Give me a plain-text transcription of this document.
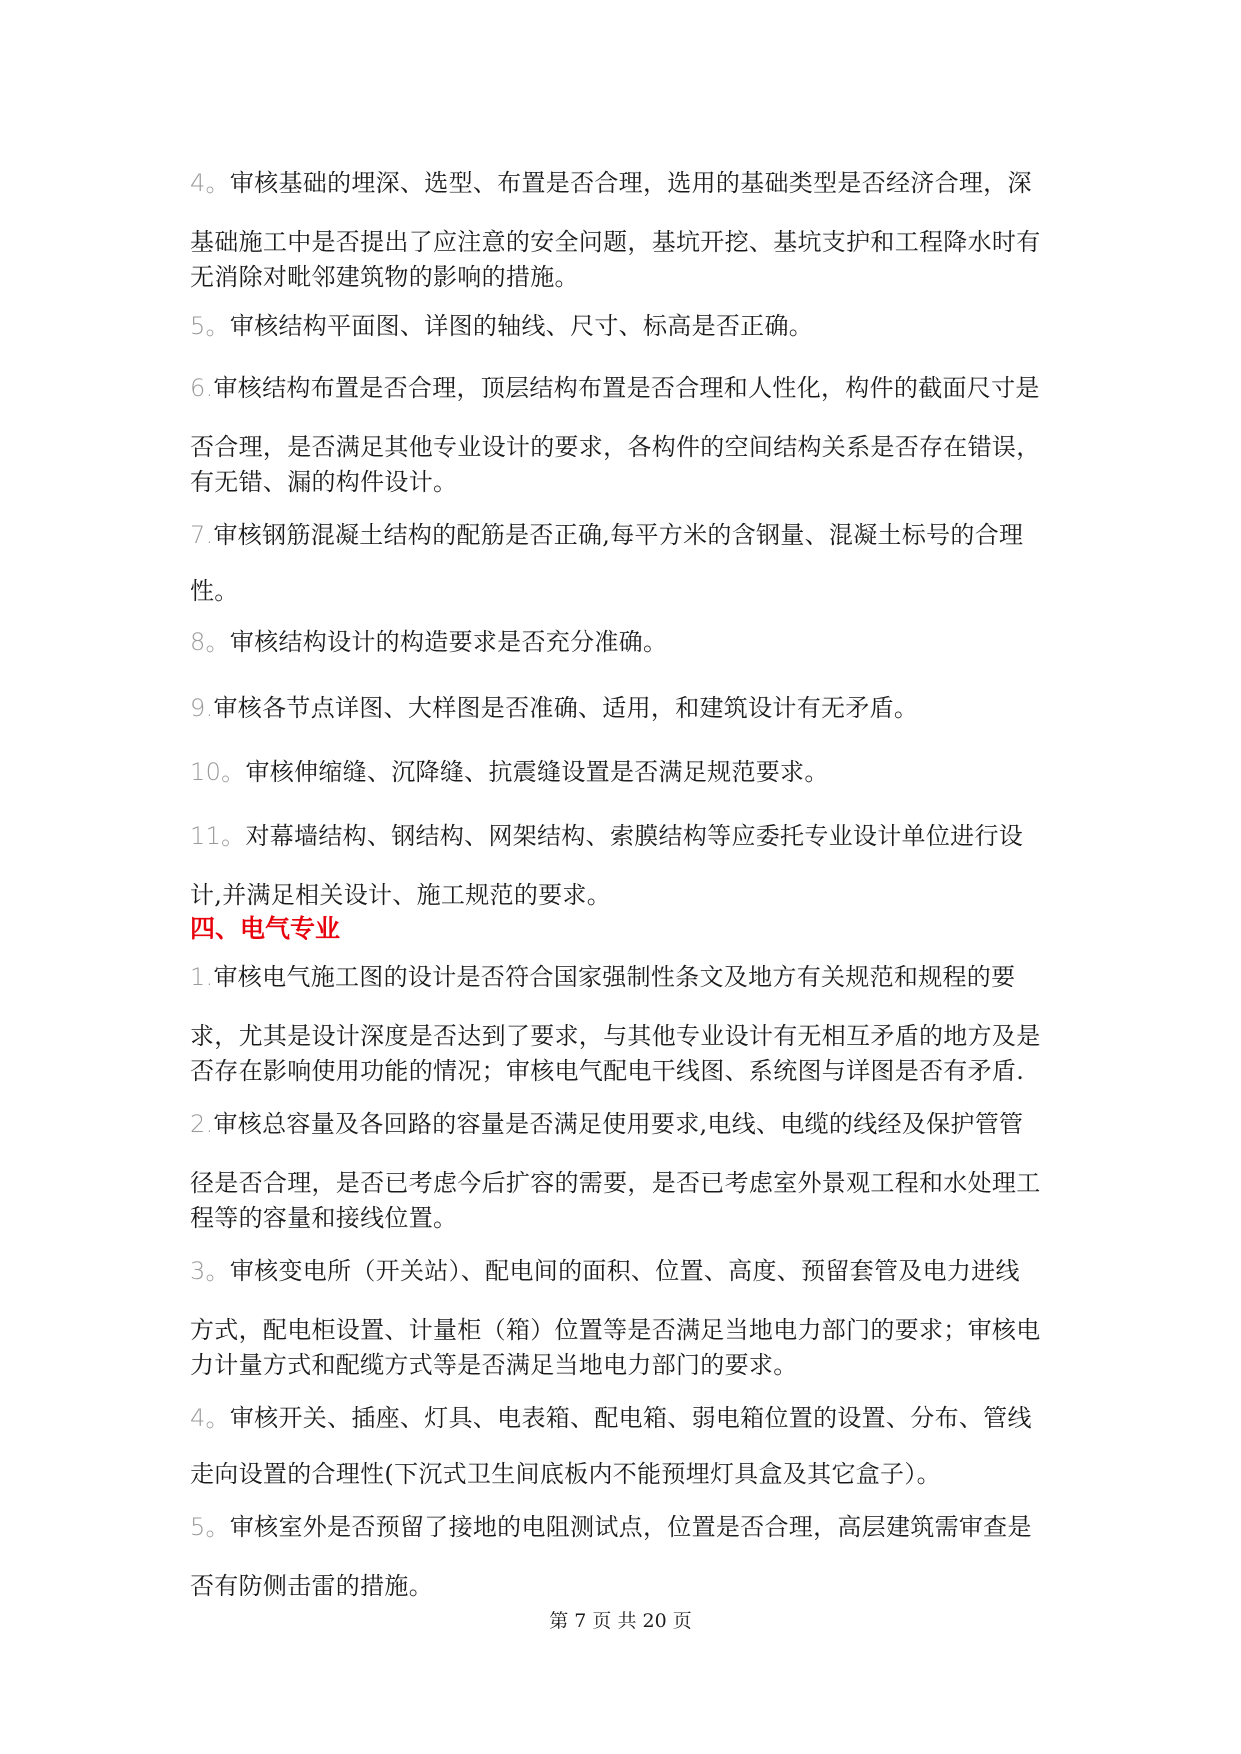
4。审核基础的埋深、选型、布置是否合理，选用的基础类型是否经济合理，深
基础施工中是否提出了应注意的安全问题，基坑开挖、基坑支护和工程降水时有
无消除对毗邻建筑物的影响的措施。
5。审核结构平面图、详图的轴线、尺寸、标高是否正确。
6.审核结构布置是否合理，顶层结构布置是否合理和人性化，构件的截面尺寸是
否合理，是否满足其他专业设计的要求，各构件的空间结构关系是否存在错误，
有无错、漏的构件设计。
7.审核钢筋混凝土结构的配筋是否正确,每平方米的含钢量、混凝土标号的合理
性。
8。审核结构设计的构造要求是否充分准确。
9.审核各节点详图、大样图是否准确、适用，和建筑设计有无矛盾。
10。审核伸缩缝、沉降缝、抗震缝设置是否满足规范要求。
11。对幕墙结构、钢结构、网架结构、索膜结构等应委托专业设计单位进行设
计,并满足相关设计、施工规范的要求。
四、电气专业
1.审核电气施工图的设计是否符合国家强制性条文及地方有关规范和规程的要
求，尤其是设计深度是否达到了要求，与其他专业设计有无相互矛盾的地方及是
否存在影响使用功能的情况；审核电气配电干线图、系统图与详图是否有矛盾.
2.审核总容量及各回路的容量是否满足使用要求,电线、电缆的线经及保护管管
径是否合理，是否已考虑今后扩容的需要，是否已考虑室外景观工程和水处理工
程等的容量和接线位置。
3。审核变电所（开关站）、配电间的面积、位置、高度、预留套管及电力进线
方式，配电柜设置、计量柜（箱）位置等是否满足当地电力部门的要求；审核电
力计量方式和配缆方式等是否满足当地电力部门的要求。
4。审核开关、插座、灯具、电表箱、配电箱、弱电箱位置的设置、分布、管线
走向设置的合理性(下沉式卫生间底板内不能预埋灯具盒及其它盒子）。
5。审核室外是否预留了接地的电阻测试点，位置是否合理，高层建筑需审查是
否有防侧击雷的措施。
第 7 页 共 20 页
